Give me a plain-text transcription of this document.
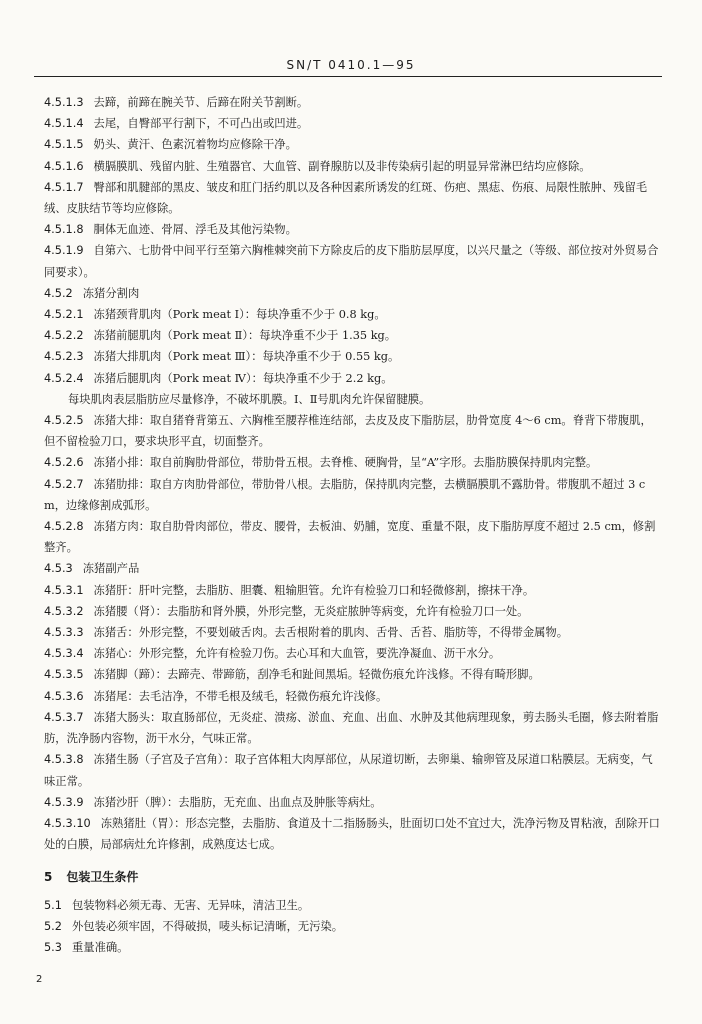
SN/T 0410.1—95
4.5.1.3 去蹄，前蹄在腕关节、后蹄在附关节割断。
4.5.1.4 去尾，自臀部平行割下，不可凸出或凹进。
4.5.1.5 奶头、黄汗、色素沉着物均应修除干净。
4.5.1.6 横膈膜肌、残留内脏、生殖器官、大血管、副脊腺肪以及非传染病引起的明显异常淋巴结均应修除。
4.5.1.7 臀部和肌腱部的黑皮、皱皮和肛门括约肌以及各种因素所诱发的红斑、伤疤、黑痣、伤痕、局限性脓肿、残留毛绒、皮肤结节等均应修除。
4.5.1.8 胴体无血迹、骨屑、浮毛及其他污染物。
4.5.1.9 自第六、七肋骨中间平行至第六胸椎棘突前下方除皮后的皮下脂肪层厚度，以兴尺量之（等级、部位按对外贸易合同要求）。
4.5.2 冻猪分割肉
4.5.2.1 冻猪颈背肌肉（Pork meat Ⅰ）：每块净重不少于 0.8 kg。
4.5.2.2 冻猪前腿肌肉（Pork meat Ⅱ）：每块净重不少于 1.35 kg。
4.5.2.3 冻猪大排肌肉（Pork meat Ⅲ）：每块净重不少于 0.55 kg。
4.5.2.4 冻猪后腿肌肉（Pork meat Ⅳ）：每块净重不少于 2.2 kg。
每块肌肉表层脂肪应尽量修净，不破坏肌膜。Ⅰ、Ⅱ号肌肉允许保留腱膜。
4.5.2.5 冻猪大排：取自猪脊背第五、六胸椎至腰荐椎连结部，去皮及皮下脂肪层，肋骨宽度 4～6 cm。脊背下带腹肌，但不留检验刀口，要求块形平直，切面整齐。
4.5.2.6 冻猪小排：取自前胸肋骨部位，带肋骨五根。去脊椎、硬胸骨，呈“A”字形。去脂肪膜保持肌肉完整。
4.5.2.7 冻猪肋排：取自方肉肋骨部位，带肋骨八根。去脂肪，保持肌肉完整，去横膈膜肌不露肋骨。带腹肌不超过 3 cm，边缘修割成弧形。
4.5.2.8 冻猪方肉：取自肋骨肉部位，带皮、腰骨，去板油、奶脯，宽度、重量不限，皮下脂肪厚度不超过 2.5 cm，修割整齐。
4.5.3 冻猪副产品
4.5.3.1 冻猪肝：肝叶完整，去脂肪、胆囊、粗输胆管。允许有检验刀口和轻微修割，擦抹干净。
4.5.3.2 冻猪腰（肾）：去脂肪和肾外膜，外形完整，无炎症脓肿等病变，允许有检验刀口一处。
4.5.3.3 冻猪舌：外形完整，不要划破舌肉。去舌根附着的肌肉、舌骨、舌苔、脂肪等，不得带金属物。
4.5.3.4 冻猪心：外形完整，允许有检验刀伤。去心耳和大血管，要洗净凝血、沥干水分。
4.5.3.5 冻猪脚（蹄）：去蹄壳、带蹄筋，刮净毛和趾间黑垢。轻微伤痕允许浅修。不得有畸形脚。
4.5.3.6 冻猪尾：去毛洁净，不带毛根及绒毛，轻微伤痕允许浅修。
4.5.3.7 冻猪大肠头：取直肠部位，无炎症、溃疡、淤血、充血、出血、水肿及其他病理现象，剪去肠头毛圈，修去附着脂肪，洗净肠内容物，沥干水分，气味正常。
4.5.3.8 冻猪生肠（子宫及子宫角）：取子宫体粗大肉厚部位，从尿道切断，去卵巢、输卵管及尿道口粘膜层。无病变，气味正常。
4.5.3.9 冻猪沙肝（脾）：去脂肪，无充血、出血点及肿胀等病灶。
4.5.3.10 冻熟猪肚（胃）：形态完整，去脂肪、食道及十二指肠肠头，肚面切口处不宜过大，洗净污物及胃粘液，刮除开口处的白膜，局部病灶允许修割，成熟度达七成。
5 包装卫生条件
5.1 包装物料必须无毒、无害、无异味，清洁卫生。
5.2 外包装必须牢固，不得破损，唛头标记清晰，无污染。
5.3 重量准确。
2
